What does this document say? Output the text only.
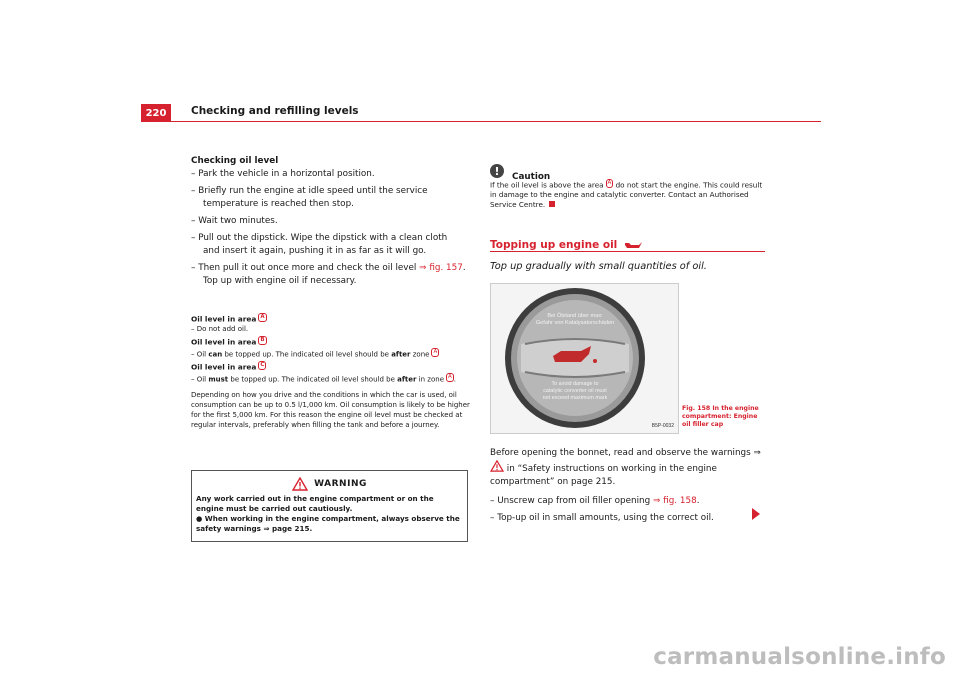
220	Checking and refilling levels
Checking oil level
– Park the vehicle in a horizontal position.
– Briefly run the engine at idle speed until the service temperature is reached then stop.
– Wait two minutes.
– Pull out the dipstick. Wipe the dipstick with a clean cloth and insert it again, pushing it in as far as it will go.
– Then pull it out once more and check the oil level ⇒ fig. 157. Top up with engine oil if necessary.
Oil level in area A
– Do not add oil.
Oil level in area B
– Oil can be topped up. The indicated oil level should be after zone A
Oil level in area C
– Oil must be topped up. The indicated oil level should be after in zone A .
Depending on how you drive and the conditions in which the car is used, oil consumption can be up to 0.5 l/1,000 km. Oil consumption is likely to be higher for the first 5,000 km. For this reason the engine oil level must be checked at regular intervals, preferably when filling the tank and before a journey.
WARNING
Any work carried out in the engine compartment or on the engine must be carried out cautiously.
● When working in the engine compartment, always observe the safety warnings ⇒ page 215.
!	Caution
If the oil level is above the area A do not start the engine. This could result in damage to the engine and catalytic converter. Contact an Authorised Service Centre.
Topping up engine oil
Top up gradually with small quantities of oil.
Bei Ölstand über max:
Gefahr von Katalysatorschäden
To avoid damage to
catalytic converter oil must
not exceed maximum mark
B5P-0032
Fig. 158 In the engine compartment: Engine oil filler cap
Before opening the bonnet, read and observe the warnings ⇒  in “Safety instructions on working in the engine compartment” on page 215.
– Unscrew cap from oil filler opening ⇒ fig. 158.
– Top-up oil in small amounts, using the correct oil.
carmanualsonline.info
